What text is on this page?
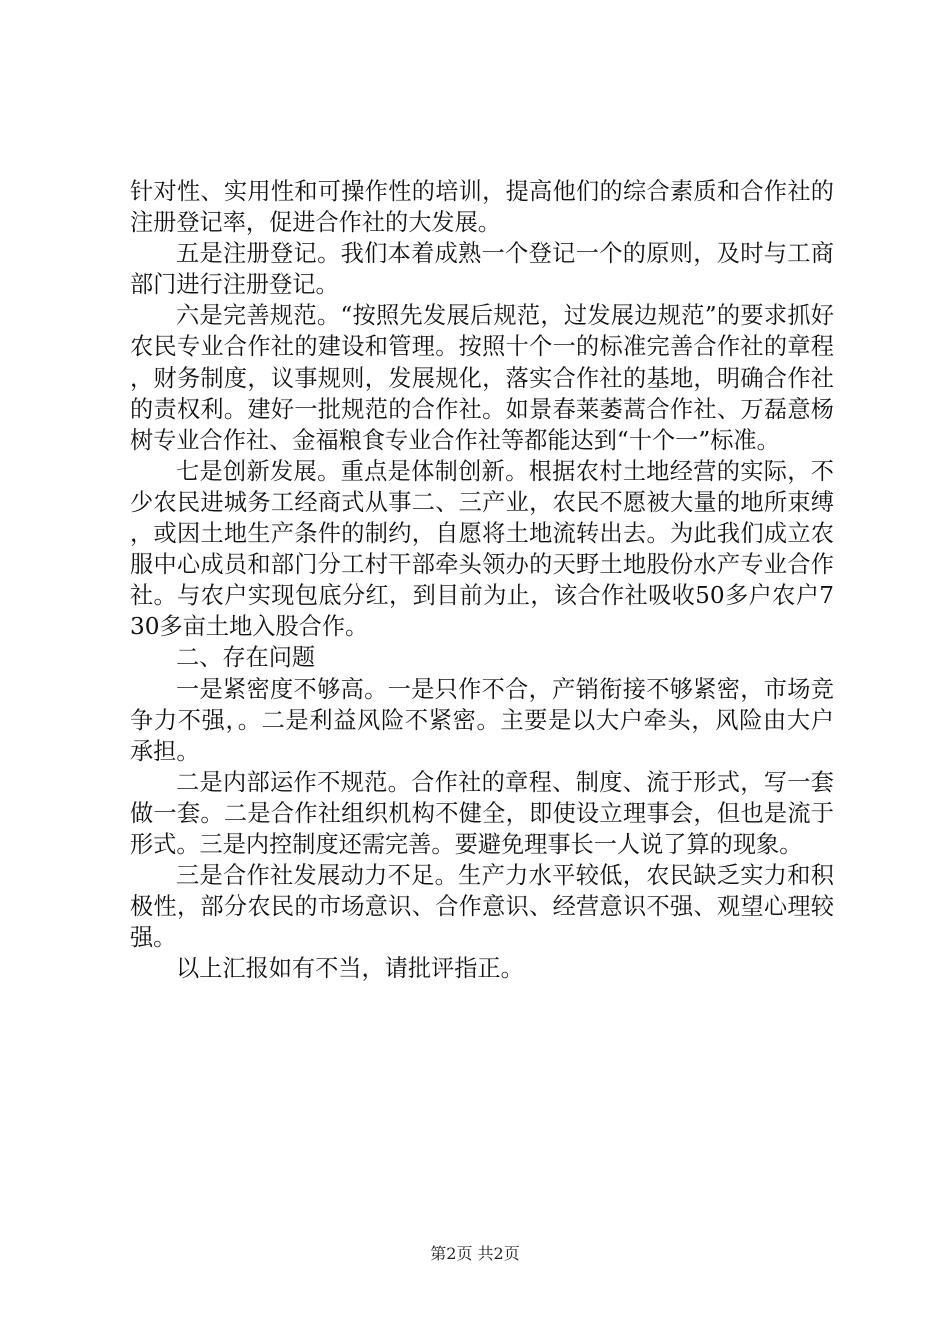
针对性、实用性和可操作性的培训，提高他们的综合素质和合作社的注册登记率，促进合作社的大发展。

五是注册登记。我们本着成熟一个登记一个的原则，及时与工商部门进行注册登记。

六是完善规范。“按照先发展后规范，过发展边规范”的要求抓好农民专业合作社的建设和管理。按照十个一的标准完善合作社的章程，财务制度，议事规则，发展规化，落实合作社的基地，明确合作社的责权利。建好一批规范的合作社。如景春莱萎蒿合作社、万磊意杨树专业合作社、金福粮食专业合作社等都能达到“十个一”标准。

七是创新发展。重点是体制创新。根据农村土地经营的实际，不少农民进城务工经商式从事二、三产业，农民不愿被大量的地所束缚，或因土地生产条件的制约，自愿将土地流转出去。为此我们成立农服中心成员和部门分工村干部牵头领办的天野土地股份水产专业合作社。与农户实现包底分红，到目前为止，该合作社吸收50多户农户730多亩土地入股合作。

二、存在问题

一是紧密度不够高。一是只作不合，产销衔接不够紧密，市场竞争力不强，。二是利益风险不紧密。主要是以大户牵头，风险由大户承担。

二是内部运作不规范。合作社的章程、制度、流于形式，写一套做一套。二是合作社组织机构不健全，即使设立理事会，但也是流于形式。三是内控制度还需完善。要避免理事长一人说了算的现象。

三是合作社发展动力不足。生产力水平较低，农民缺乏实力和积极性，部分农民的市场意识、合作意识、经营意识不强、观望心理较强。

以上汇报如有不当，请批评指正。

第2页 共2页
